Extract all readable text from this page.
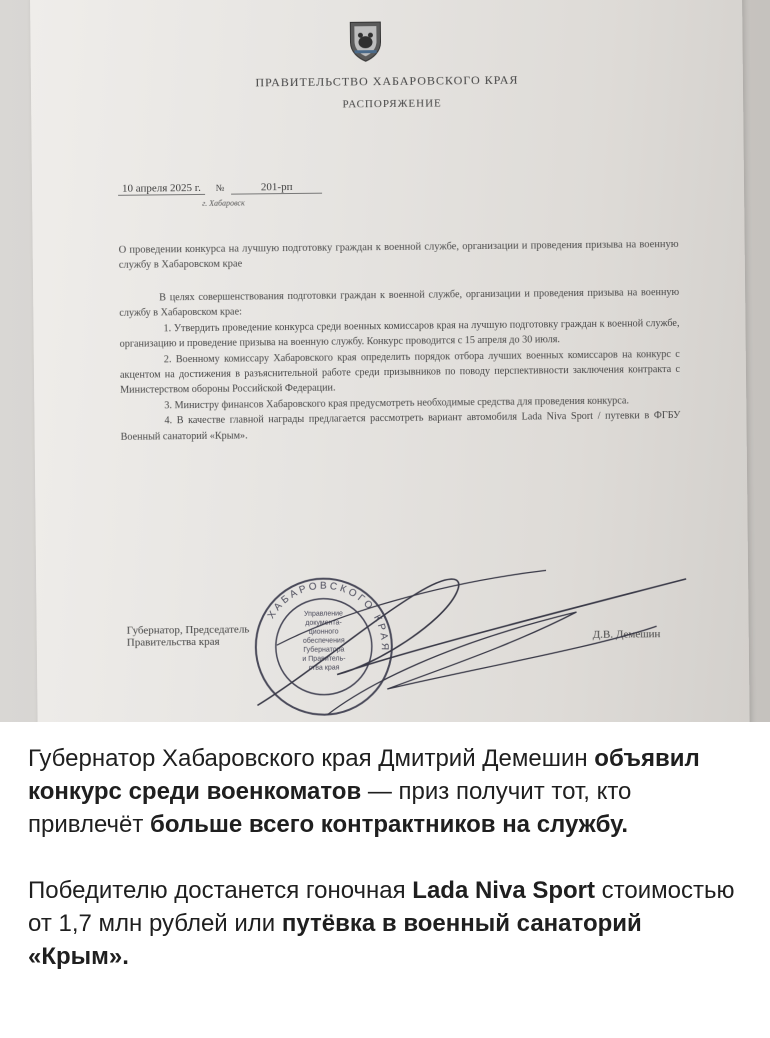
ПРАВИТЕЛЬСТВО ХАБАРОВСКОГО КРАЯ
РАСПОРЯЖЕНИЕ
10 апреля 2025 г. №	201-рп
г. Хабаровск
О проведении конкурса на лучшую подготовку граждан к военной службе, организации и проведения призыва на военную службу в Хабаровском крае

В целях совершенствования подготовки граждан к военной службе, организации и проведения призыва на военную службу в Хабаровском крае:

1. Утвердить проведение конкурса среди военных комиссаров края на лучшую подготовку граждан к военной службе, организацию и проведение призыва на военную службу. Конкурс проводится с 15 апреля до 30 июля.

2. Военному комиссару Хабаровского края определить порядок отбора лучших военных комиссаров на конкурс с акцентом на достижения в разъяснительной работе среди призывников по поводу перспективности заключения контракта с Министерством обороны Российской Федерации.

3. Министру финансов Хабаровского края предусмотреть необходимые средства для проведения конкурса.

4. В качестве главной награды предлагается рассмотреть вариант автомобиля Lada Niva Sport / путевки в ФГБУ Военный санаторий «Крым».

Губернатор, Председатель
Правительства края
Д.В. Демешин
ХАБАРОВСКОГО КРАЯ
Управление
документа-
ционного
обеспечения
Губернатора
и Правитель-
ства края

Губернатор Хабаровского края Дмитрий Демешин объявил конкурс среди военкоматов — приз получит тот, кто привлечёт больше всего контрактников на службу.

Победителю достанется гоночная Lada Niva Sport стоимостью от 1,7 млн рублей или путёвка в военный санаторий «Крым».
